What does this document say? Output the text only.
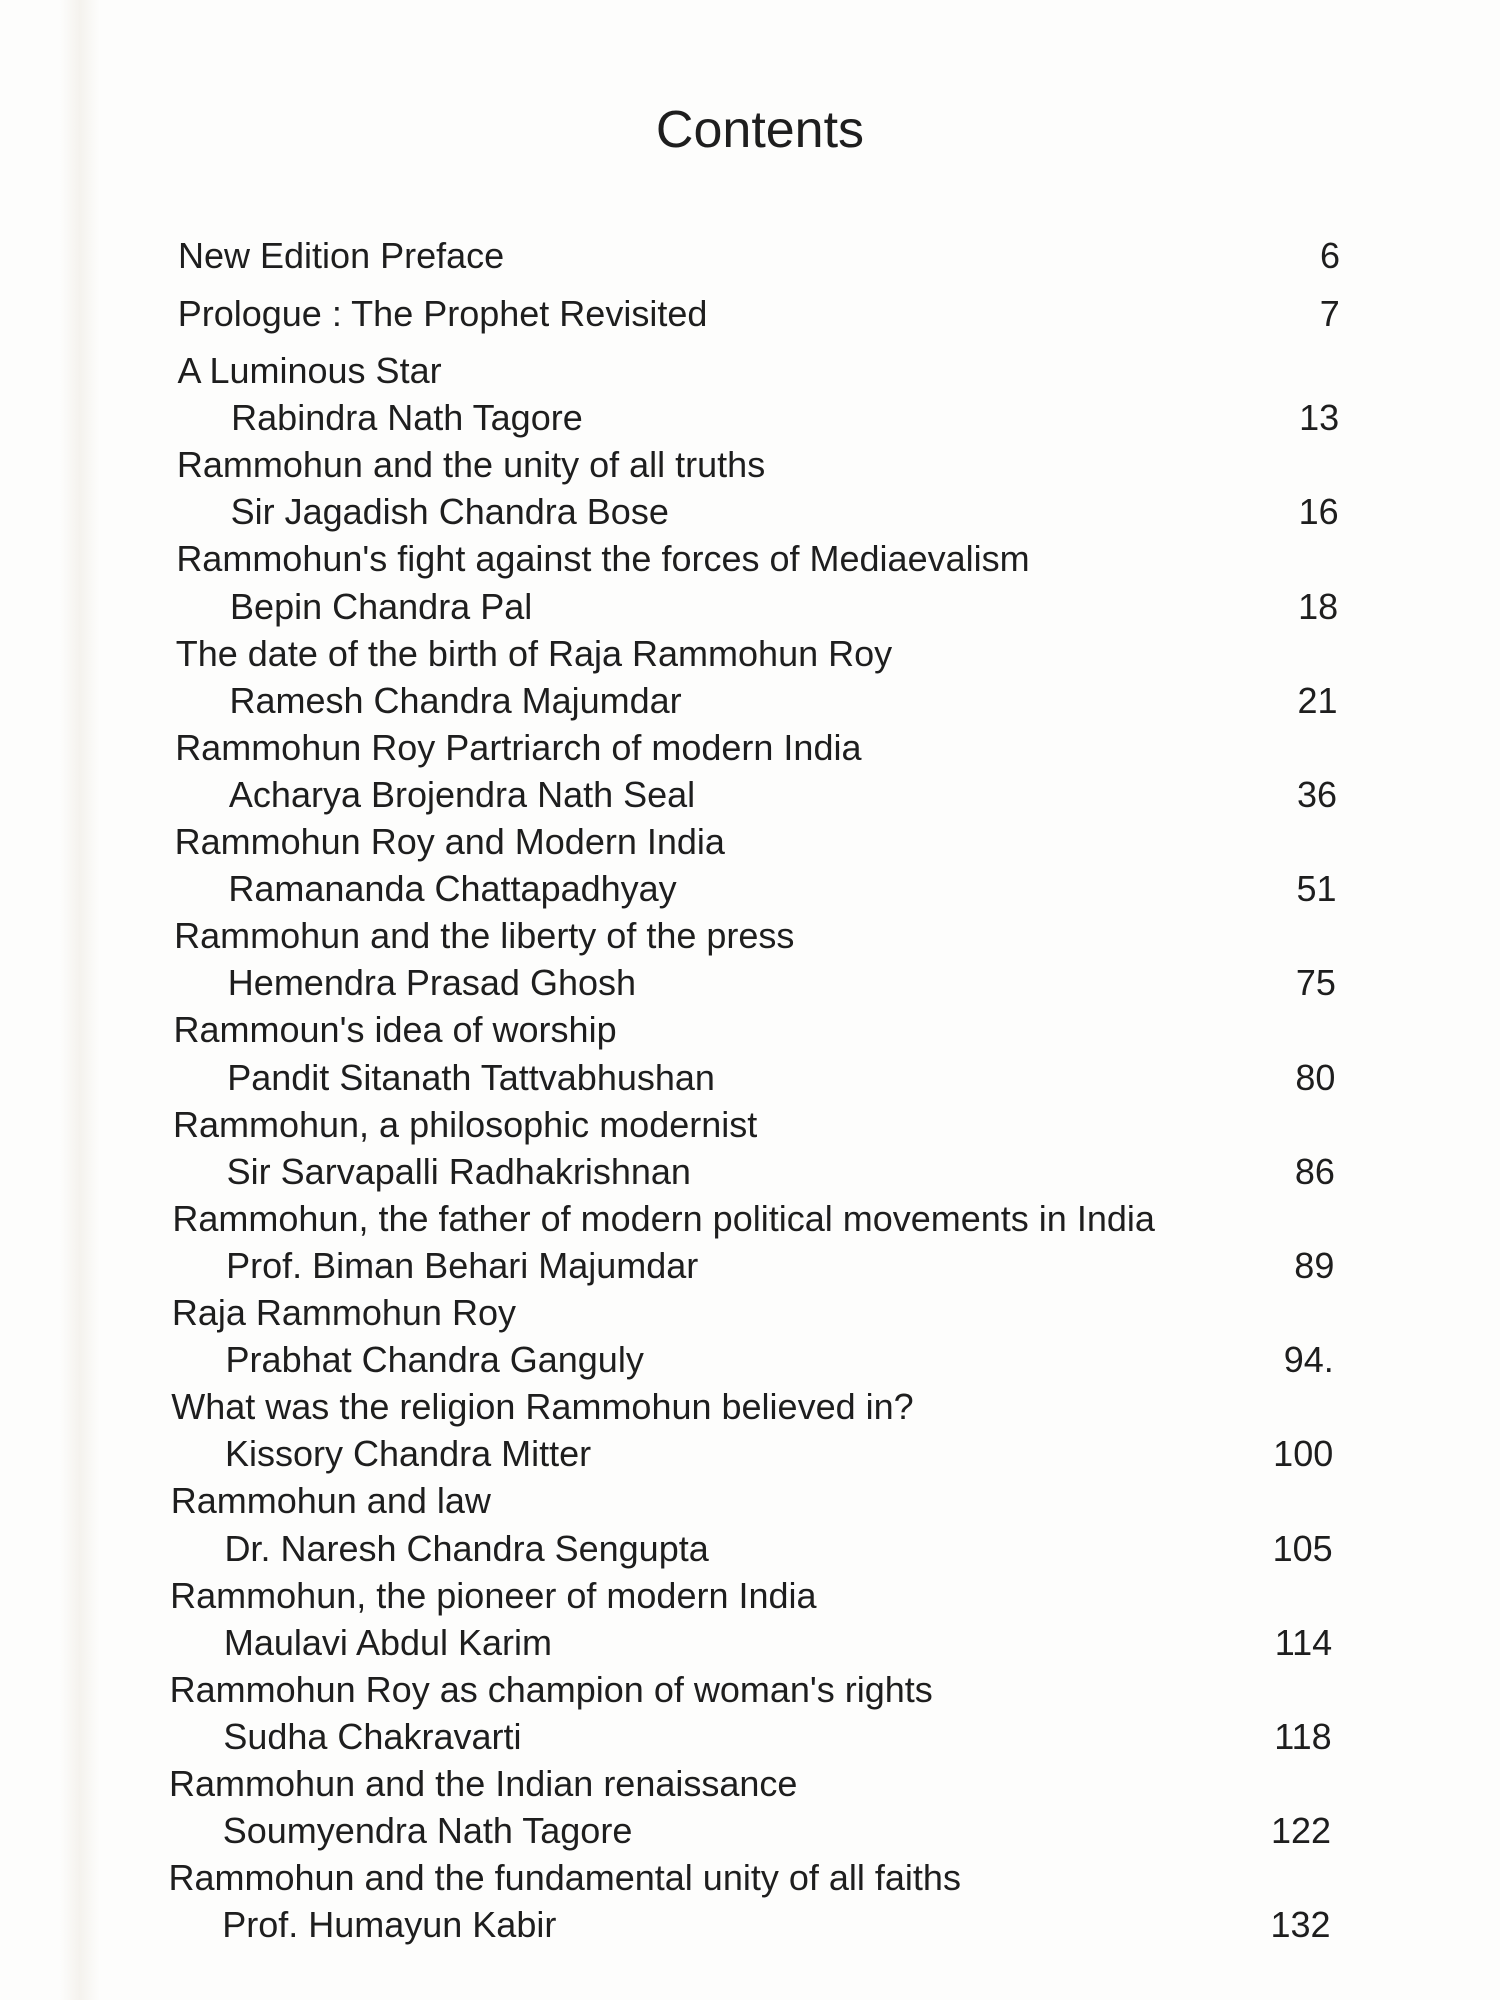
Contents
New Edition Preface	6
Prologue : The Prophet Revisited	7
A Luminous Star
Rabindra Nath Tagore	13
Rammohun and the unity of all truths
Sir Jagadish Chandra Bose	16
Rammohun's fight against the forces of Mediaevalism
Bepin Chandra Pal	18
The date of the birth of Raja Rammohun Roy
Ramesh Chandra Majumdar	21
Rammohun Roy Partriarch of modern India
Acharya Brojendra Nath Seal	36
Rammohun Roy and Modern India
Ramananda Chattapadhyay	51
Rammohun and the liberty of the press
Hemendra Prasad Ghosh	75
Rammoun's idea of worship
Pandit Sitanath Tattvabhushan	80
Rammohun, a philosophic modernist
Sir Sarvapalli Radhakrishnan	86
Rammohun, the father of modern political movements in India
Prof. Biman Behari Majumdar	89
Raja Rammohun Roy
Prabhat Chandra Ganguly	94.
What was the religion Rammohun believed in?
Kissory Chandra Mitter	100
Rammohun and law
Dr. Naresh Chandra Sengupta	105
Rammohun, the pioneer of modern India
Maulavi Abdul Karim	114
Rammohun Roy as champion of woman's rights
Sudha Chakravarti	118
Rammohun and the Indian renaissance
Soumyendra Nath Tagore	122
Rammohun and the fundamental unity of all faiths
Prof. Humayun Kabir	132
